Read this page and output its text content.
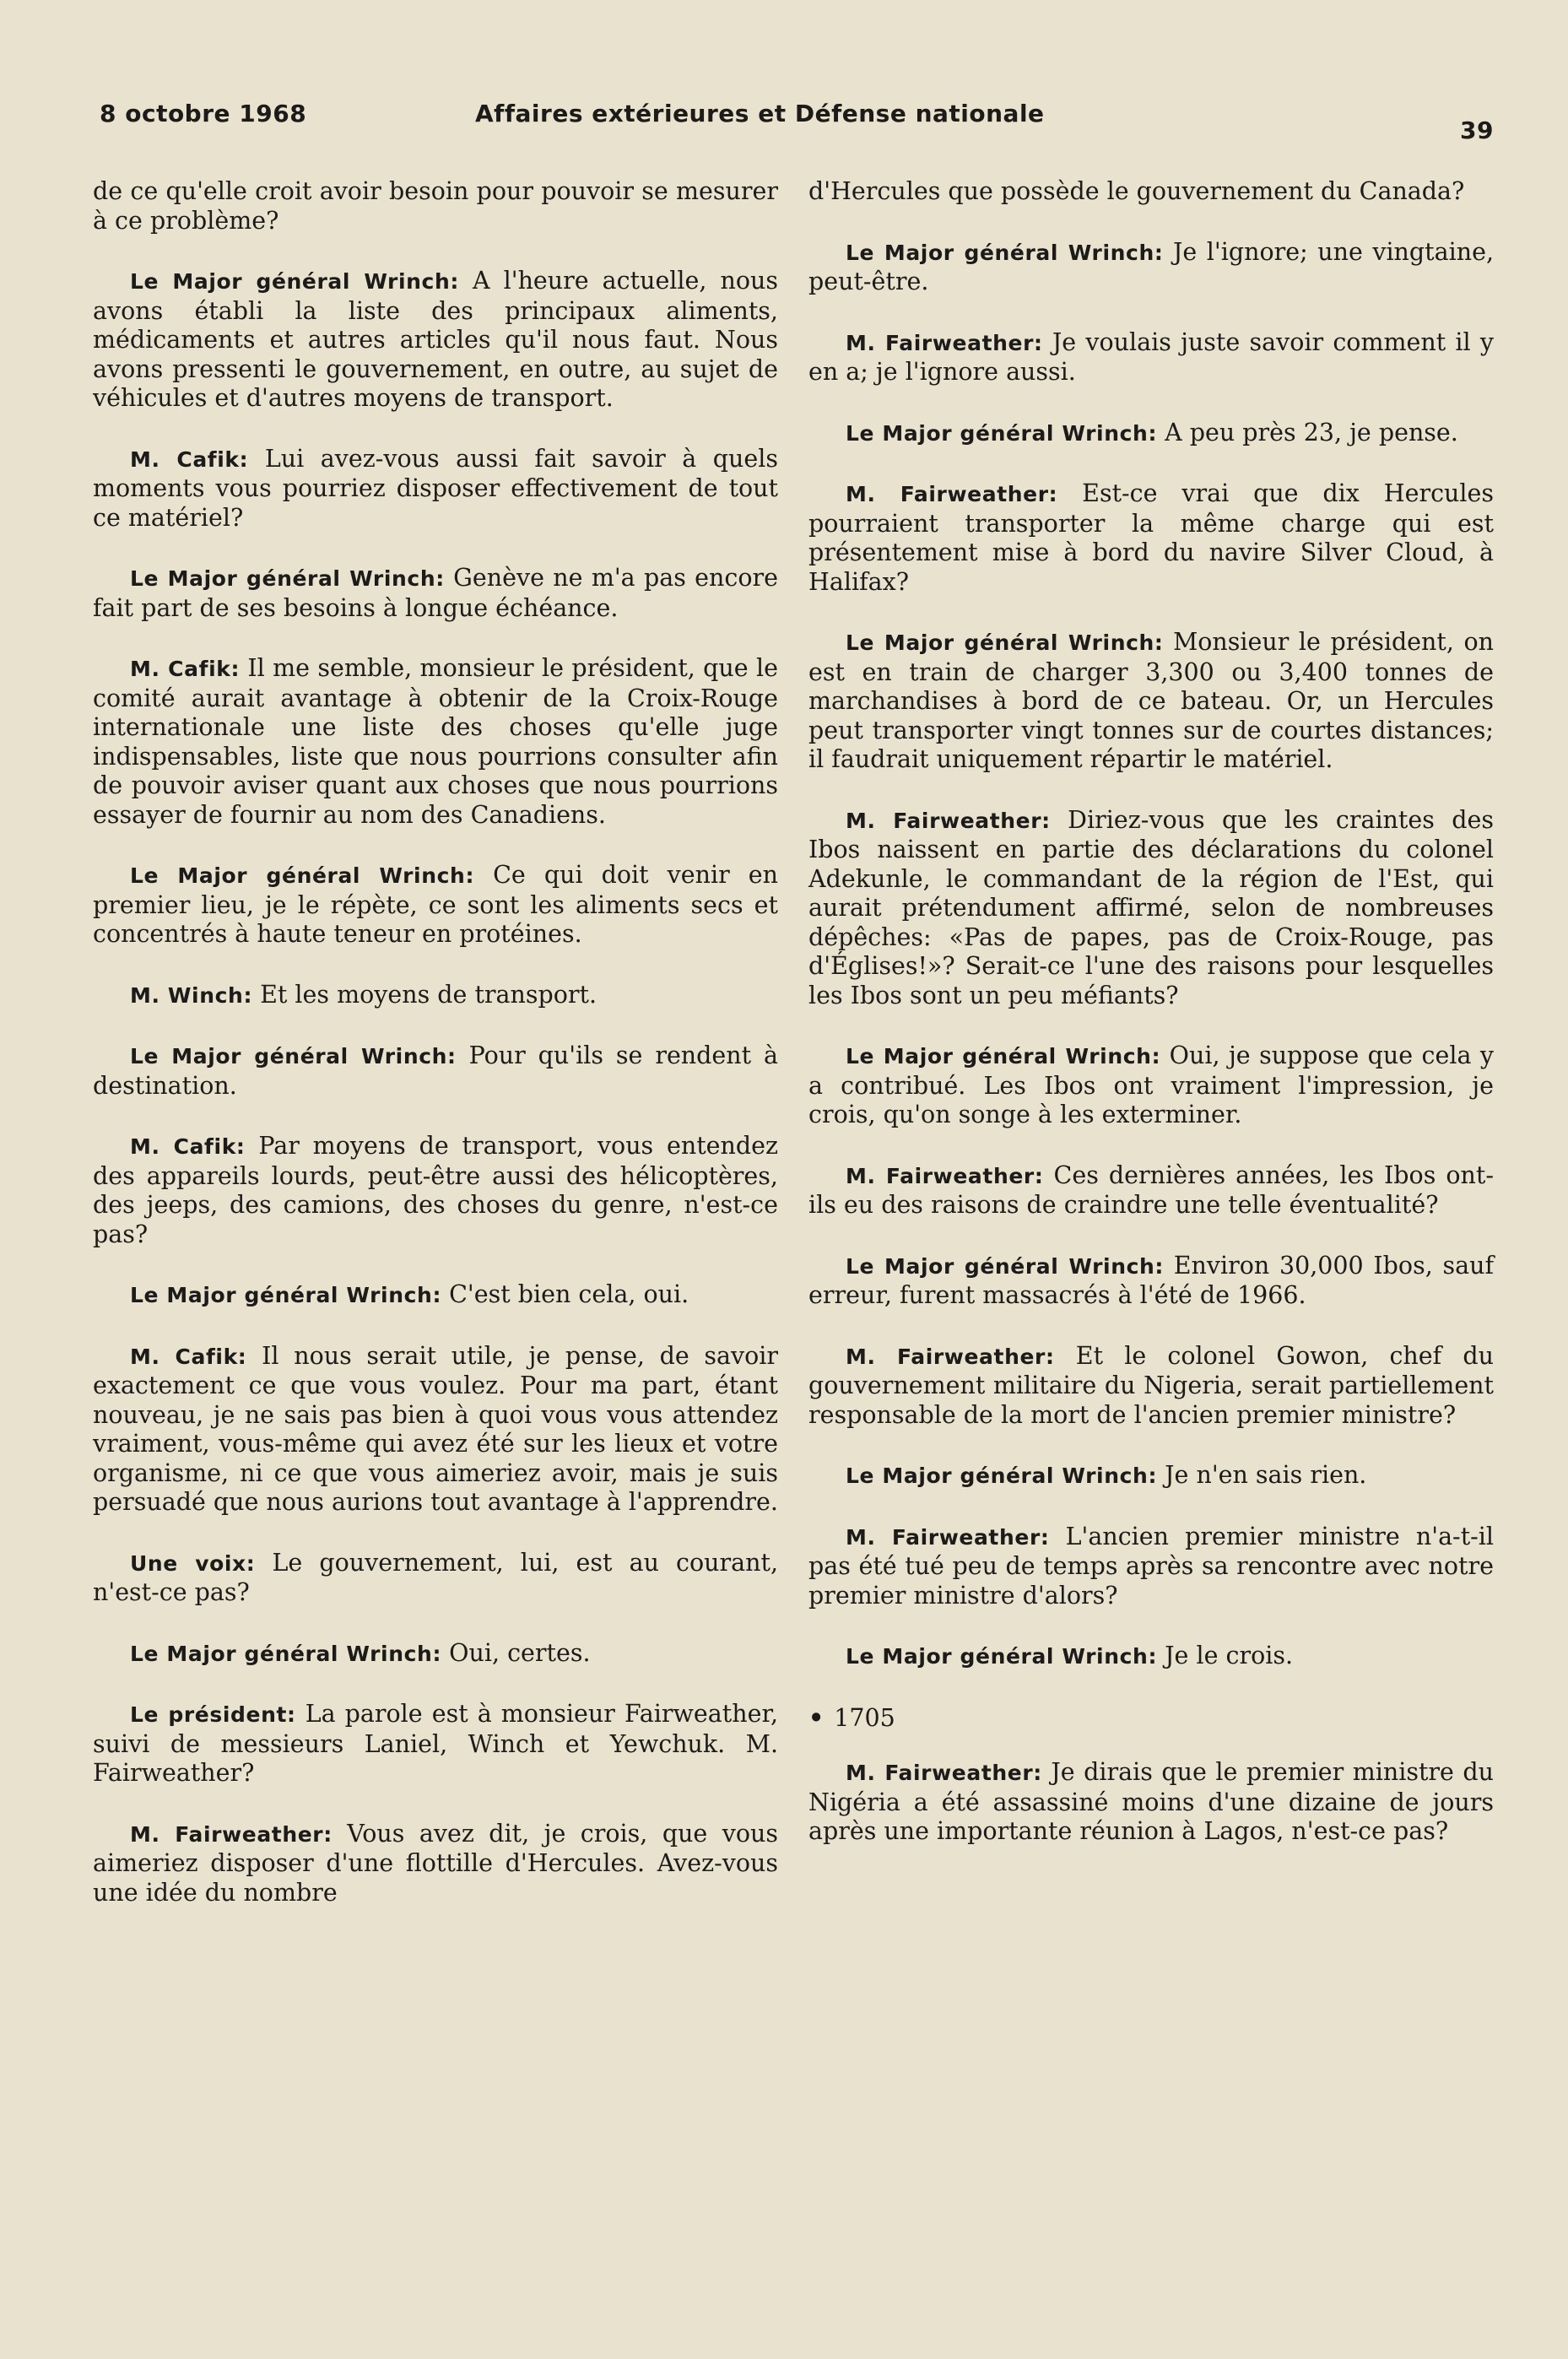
8 octobre 1968	Affaires extérieures et Défense nationale
39

de ce qu'elle croit avoir besoin pour pouvoir se mesurer à ce problème?

Le Major général Wrinch: A l'heure actuelle, nous avons établi la liste des principaux aliments, médicaments et autres articles qu'il nous faut. Nous avons pressenti le gouvernement, en outre, au sujet de véhicules et d'autres moyens de transport.

M. Cafik: Lui avez-vous aussi fait savoir à quels moments vous pourriez disposer effectivement de tout ce matériel?

Le Major général Wrinch: Genève ne m'a pas encore fait part de ses besoins à longue échéance.

M. Cafik: Il me semble, monsieur le président, que le comité aurait avantage à obtenir de la Croix-Rouge internationale une liste des choses qu'elle juge indispensables, liste que nous pourrions consulter afin de pouvoir aviser quant aux choses que nous pourrions essayer de fournir au nom des Canadiens.

Le Major général Wrinch: Ce qui doit venir en premier lieu, je le répète, ce sont les aliments secs et concentrés à haute teneur en protéines.

M. Winch: Et les moyens de transport.

Le Major général Wrinch: Pour qu'ils se rendent à destination.

M. Cafik: Par moyens de transport, vous entendez des appareils lourds, peut-être aussi des hélicoptères, des jeeps, des camions, des choses du genre, n'est-ce pas?

Le Major général Wrinch: C'est bien cela, oui.

M. Cafik: Il nous serait utile, je pense, de savoir exactement ce que vous voulez. Pour ma part, étant nouveau, je ne sais pas bien à quoi vous vous attendez vraiment, vous-même qui avez été sur les lieux et votre organisme, ni ce que vous aimeriez avoir, mais je suis persuadé que nous aurions tout avantage à l'apprendre.

Une voix: Le gouvernement, lui, est au courant, n'est-ce pas?

Le Major général Wrinch: Oui, certes.

Le président: La parole est à monsieur Fairweather, suivi de messieurs Laniel, Winch et Yewchuk. M. Fairweather?

M. Fairweather: Vous avez dit, je crois, que vous aimeriez disposer d'une flottille d'Hercules. Avez-vous une idée du nombre

d'Hercules que possède le gouvernement du Canada?

Le Major général Wrinch: Je l'ignore; une vingtaine, peut-être.

M. Fairweather: Je voulais juste savoir comment il y en a; je l'ignore aussi.

Le Major général Wrinch: A peu près 23, je pense.

M. Fairweather: Est-ce vrai que dix Hercules pourraient transporter la même charge qui est présentement mise à bord du navire Silver Cloud, à Halifax?

Le Major général Wrinch: Monsieur le président, on est en train de charger 3,300 ou 3,400 tonnes de marchandises à bord de ce bateau. Or, un Hercules peut transporter vingt tonnes sur de courtes distances; il faudrait uniquement répartir le matériel.

M. Fairweather: Diriez-vous que les craintes des Ibos naissent en partie des déclarations du colonel Adekunle, le commandant de la région de l'Est, qui aurait prétendument affirmé, selon de nombreuses dépêches: «Pas de papes, pas de Croix-Rouge, pas d'Églises!»? Serait-ce l'une des raisons pour lesquelles les Ibos sont un peu méfiants?

Le Major général Wrinch: Oui, je suppose que cela y a contribué. Les Ibos ont vraiment l'impression, je crois, qu'on songe à les exterminer.

M. Fairweather: Ces dernières années, les Ibos ont-ils eu des raisons de craindre une telle éventualité?

Le Major général Wrinch: Environ 30,000 Ibos, sauf erreur, furent massacrés à l'été de 1966.

M. Fairweather: Et le colonel Gowon, chef du gouvernement militaire du Nigeria, serait partiellement responsable de la mort de l'ancien premier ministre?

Le Major général Wrinch: Je n'en sais rien.

M. Fairweather: L'ancien premier ministre n'a-t-il pas été tué peu de temps après sa rencontre avec notre premier ministre d'alors?

Le Major général Wrinch: Je le crois.

• 1705

M. Fairweather: Je dirais que le premier ministre du Nigéria a été assassiné moins d'une dizaine de jours après une importante réunion à Lagos, n'est-ce pas?
